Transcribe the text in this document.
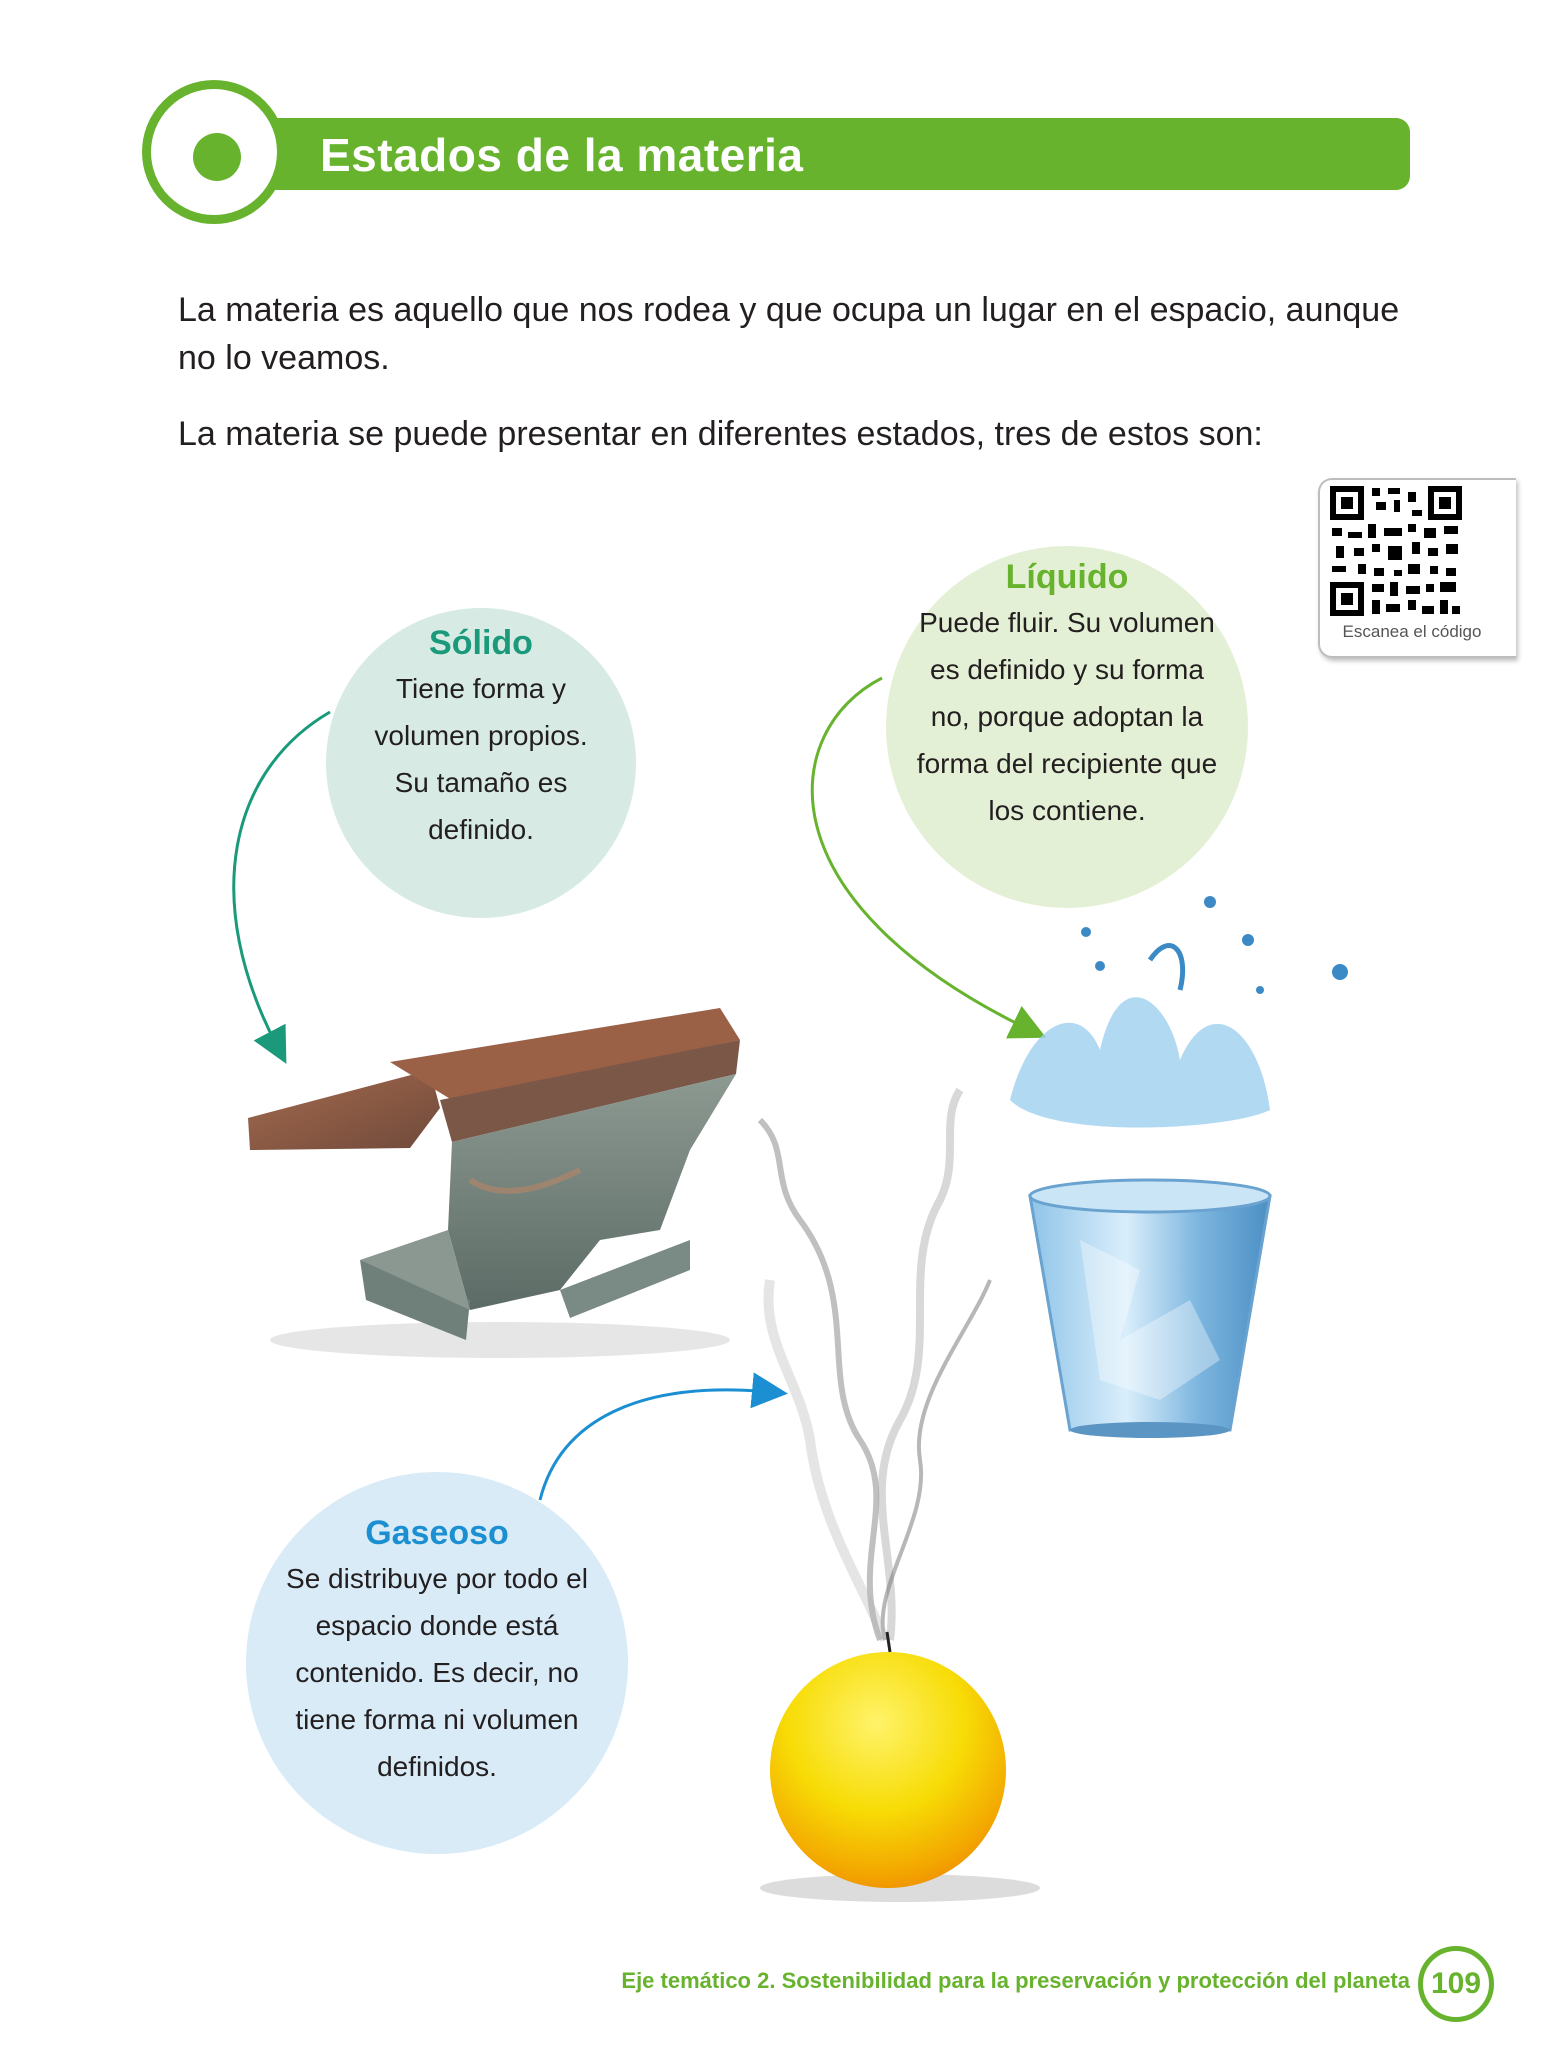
Estados de la materia
La materia es aquello que nos rodea y que ocupa un lugar en el espacio, aunque no lo veamos.
La materia se puede presentar en diferentes estados, tres de estos son:
Escanea el código
Sólido
Tiene forma y volumen propios. Su tamaño es definido.
Líquido
Puede fluir. Su volumen es definido y su forma no, porque adoptan la forma del recipiente que los contiene.
Gaseoso
Se distribuye por todo el espacio donde está contenido. Es decir, no tiene forma ni volumen definidos.
Eje temático 2. Sostenibilidad para la preservación y protección del planeta 109
